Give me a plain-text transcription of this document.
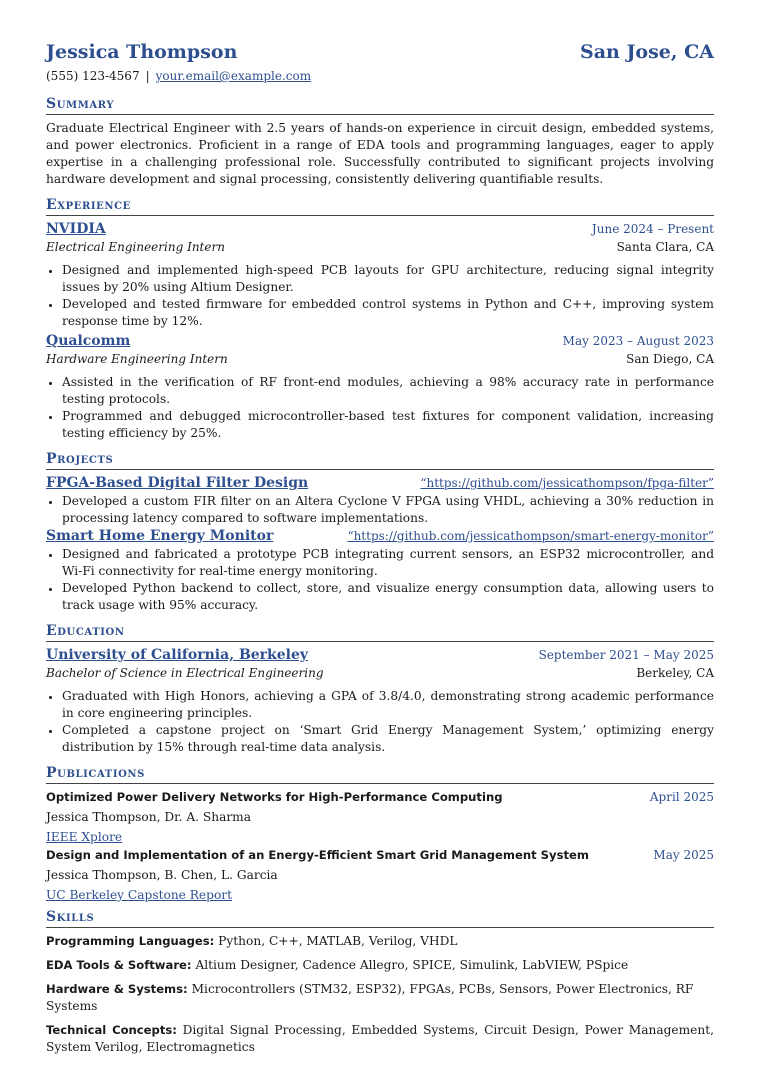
Jessica Thompson	San Jose, CA
(555) 123-4567 | your.email@example.com
Summary
Graduate Electrical Engineer with 2.5 years of hands-on experience in circuit design, embedded systems, and power electronics. Proficient in a range of EDA tools and programming languages, eager to apply expertise in a challenging professional role. Successfully contributed to significant projects involving hardware development and signal processing, consistently delivering quantifiable results.
Experience
NVIDIA	June 2024 – Present
Electrical Engineering Intern	Santa Clara, CA
• Designed and implemented high-speed PCB layouts for GPU architecture, reducing signal integrity issues by 20% using Altium Designer.
• Developed and tested firmware for embedded control systems in Python and C++, improving system response time by 12%.
Qualcomm	May 2023 – August 2023
Hardware Engineering Intern	San Diego, CA
• Assisted in the verification of RF front-end modules, achieving a 98% accuracy rate in performance testing protocols.
• Programmed and debugged microcontroller-based test fixtures for component validation, increasing testing efficiency by 25%.
Projects
FPGA-Based Digital Filter Design	“https://github.com/jessicathompson/fpga-filter”
• Developed a custom FIR filter on an Altera Cyclone V FPGA using VHDL, achieving a 30% reduction in processing latency compared to software implementations.
Smart Home Energy Monitor	“https://github.com/jessicathompson/smart-energy-monitor”
• Designed and fabricated a prototype PCB integrating current sensors, an ESP32 microcontroller, and Wi-Fi connectivity for real-time energy monitoring.
• Developed Python backend to collect, store, and visualize energy consumption data, allowing users to track usage with 95% accuracy.
Education
University of California, Berkeley	September 2021 – May 2025
Bachelor of Science in Electrical Engineering	Berkeley, CA
• Graduated with High Honors, achieving a GPA of 3.8/4.0, demonstrating strong academic performance in core engineering principles.
• Completed a capstone project on ‘Smart Grid Energy Management System,’ optimizing energy distribution by 15% through real-time data analysis.
Publications
Optimized Power Delivery Networks for High-Performance Computing	April 2025
Jessica Thompson, Dr. A. Sharma
IEEE Xplore
Design and Implementation of an Energy-Efficient Smart Grid Management System	May 2025
Jessica Thompson, B. Chen, L. Garcia
UC Berkeley Capstone Report
Skills
Programming Languages: Python, C++, MATLAB, Verilog, VHDL
EDA Tools & Software: Altium Designer, Cadence Allegro, SPICE, Simulink, LabVIEW, PSpice
Hardware & Systems: Microcontrollers (STM32, ESP32), FPGAs, PCBs, Sensors, Power Electronics, RF Systems
Technical Concepts: Digital Signal Processing, Embedded Systems, Circuit Design, Power Management, System Verilog, Electromagnetics
